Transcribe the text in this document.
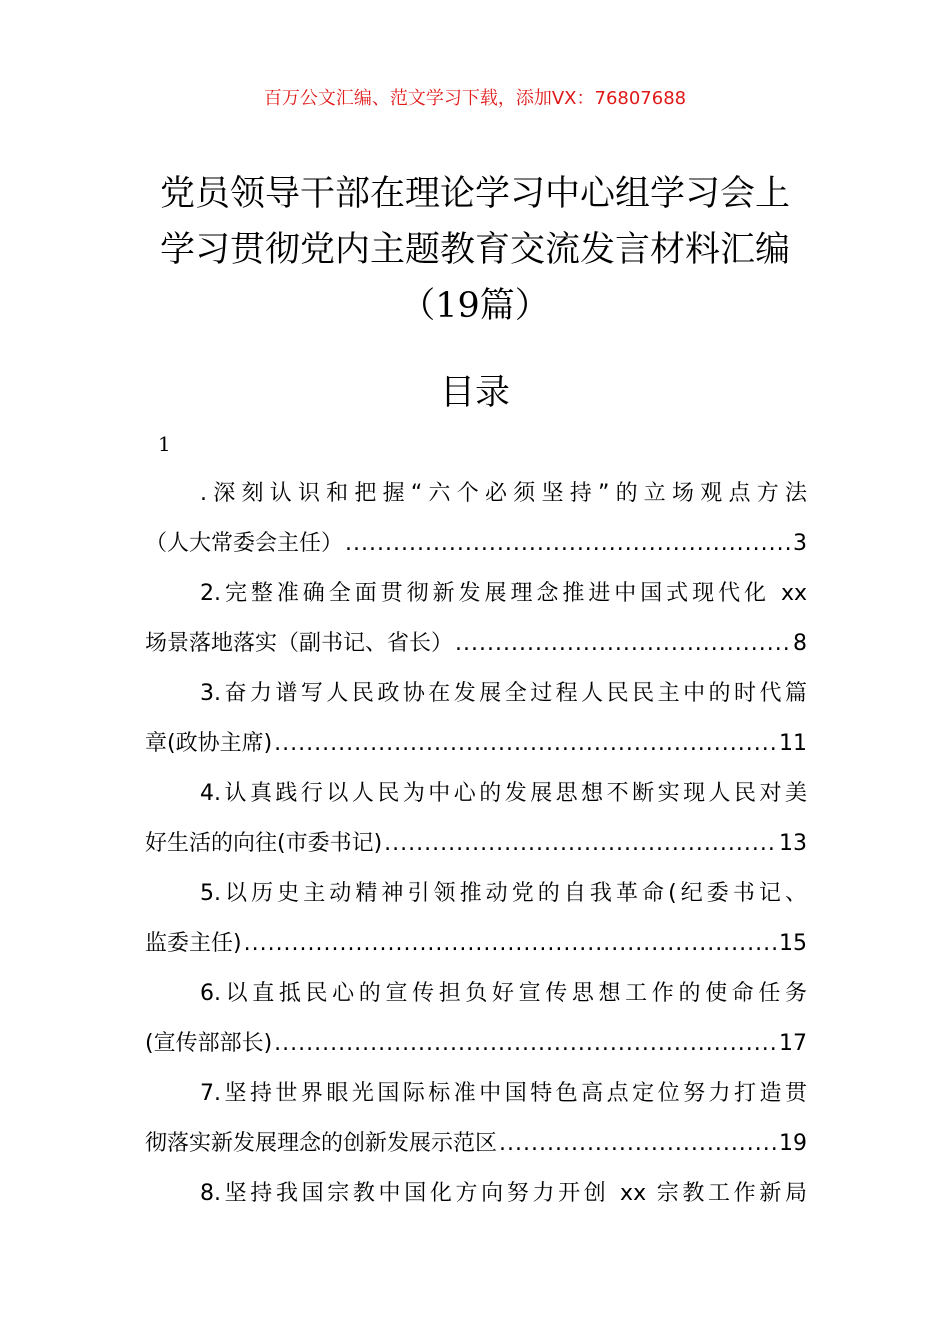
百万公文汇编、范文学习下载，添加VX：76807688
党员领导干部在理论学习中心组学习会上
学习贯彻党内主题教育交流发言材料汇编
（19篇）
目录
1
.深刻认识和把握“六个必须坚持”的立场观点方法
（人大常委会主任） .....	3
2.完整准确全面贯彻新发展理念推进中国式现代化 xx
场景落地落实（副书记、省长） .....	8
3.奋力谱写人民政协在发展全过程人民民主中的时代篇
章(政协主席) .....	11
4.认真践行以人民为中心的发展思想不断实现人民对美
好生活的向往(市委书记) .....	13
5.以历史主动精神引领推动党的自我革命(纪委书记、
监委主任) .....	15
6.以直抵民心的宣传担负好宣传思想工作的使命任务
(宣传部部长) .....	17
7.坚持世界眼光国际标准中国特色高点定位努力打造贯
彻落实新发展理念的创新发展示范区 .....	19
8.坚持我国宗教中国化方向努力开创 xx 宗教工作新局
